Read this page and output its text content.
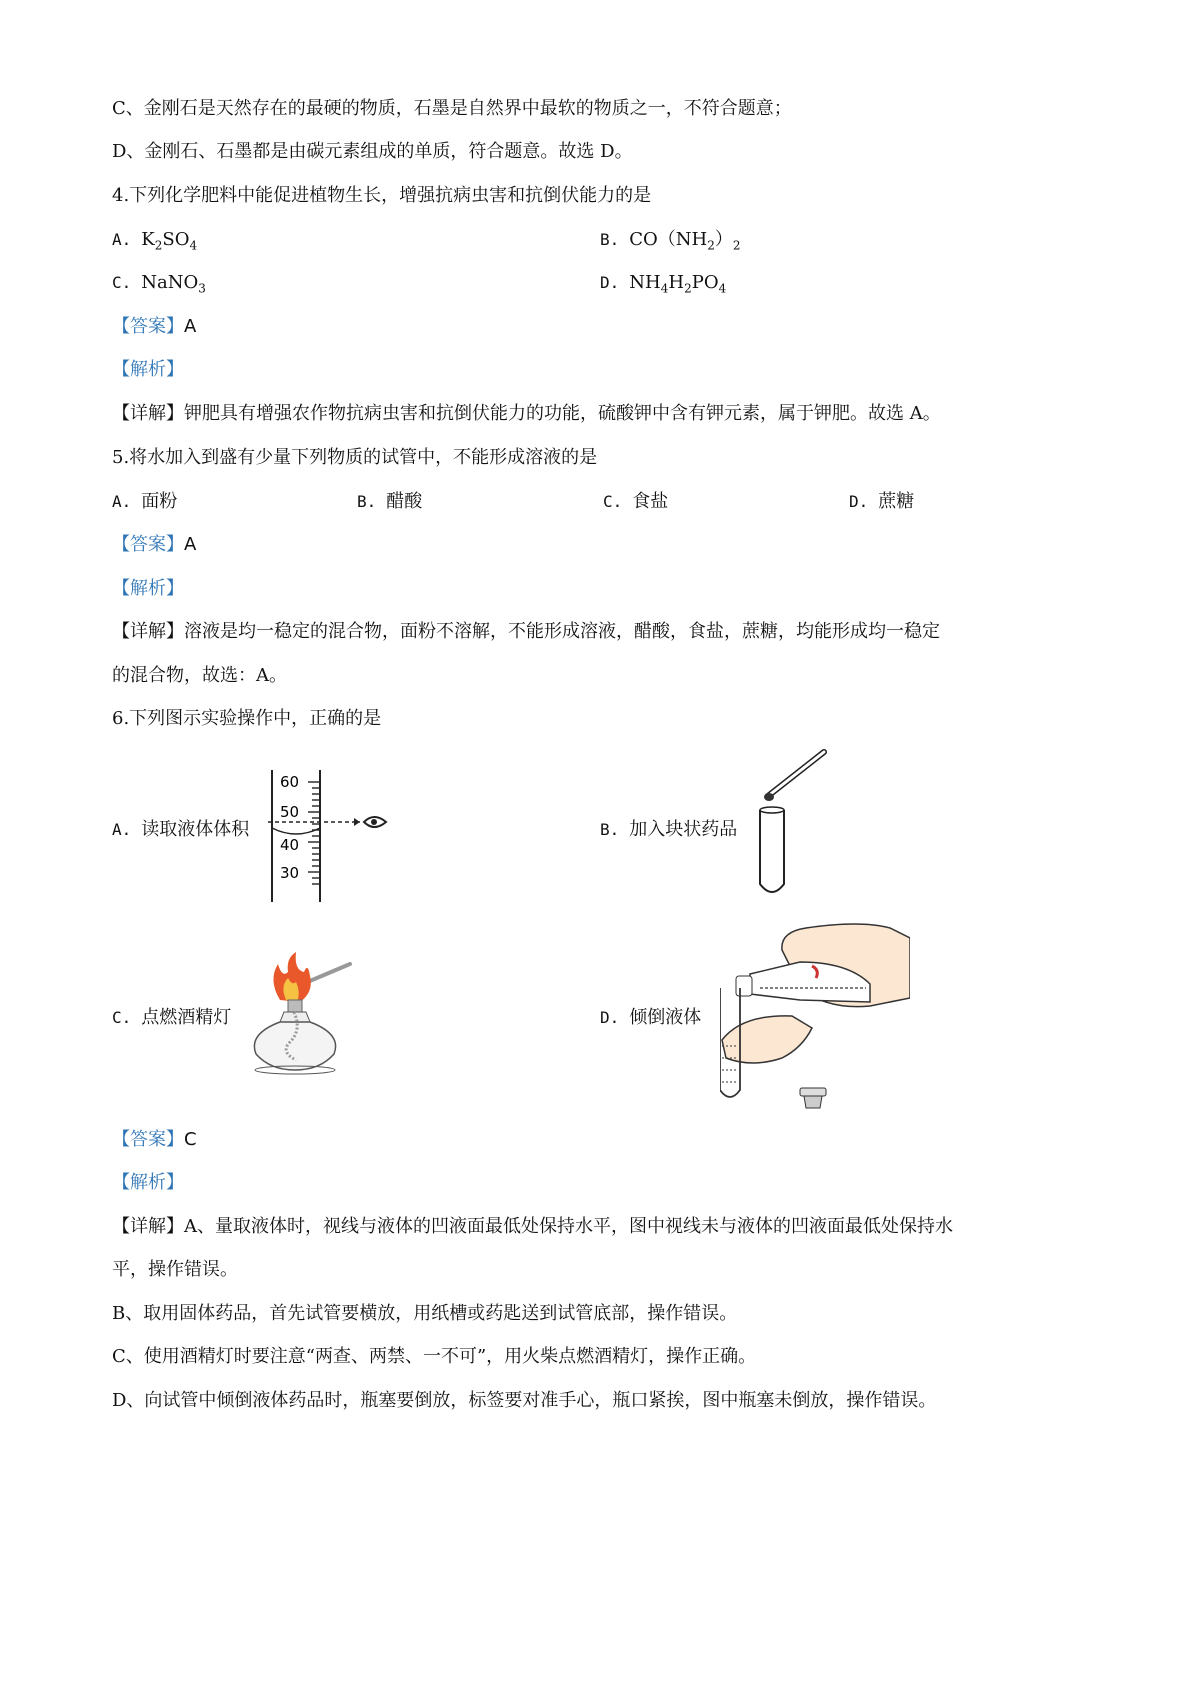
C、金刚石是天然存在的最硬的物质，石墨是自然界中最软的物质之一，不符合题意；
D、金刚石、石墨都是由碳元素组成的单质，符合题意。故选 D。
4.下列化学肥料中能促进植物生长，增强抗病虫害和抗倒伏能力的是
A. $K_2SO_4$	B. $CO(NH_2)_2$
C. NaNO$_3$	D. $NH_4H_2PO_4$
【答案】A
【解析】
【详解】钾肥具有增强农作物抗病虫害和抗倒伏能力的功能，硫酸钾中含有钾元素，属于钾肥。故选 A。
5.将水加入到盛有少量下列物质的试管中，不能形成溶液的是
A. 面粉	B. 醋酸	C. 食盐	D. 蔗糖
【答案】A
【解析】
【详解】溶液是均一稳定的混合物，面粉不溶解，不能形成溶液，醋酸，食盐，蔗糖，均能形成均一稳定
的混合物，故选：A。
6.下列图示实验操作中，正确的是
A. 读取液体体积
60
50
40
30
B. 加入块状药品
C. 点燃酒精灯	D. 倾倒液体
【答案】C
【解析】
【详解】A、量取液体时，视线与液体的凹液面最低处保持水平，图中视线未与液体的凹液面最低处保持水
平，操作错误。
B、取用固体药品，首先试管要横放，用纸槽或药匙送到试管底部，操作错误。
C、使用酒精灯时要注意“两查、两禁、一不可”，用火柴点燃酒精灯，操作正确。
D、向试管中倾倒液体药品时，瓶塞要倒放，标签要对准手心，瓶口紧挨，图中瓶塞未倒放，操作错误。
